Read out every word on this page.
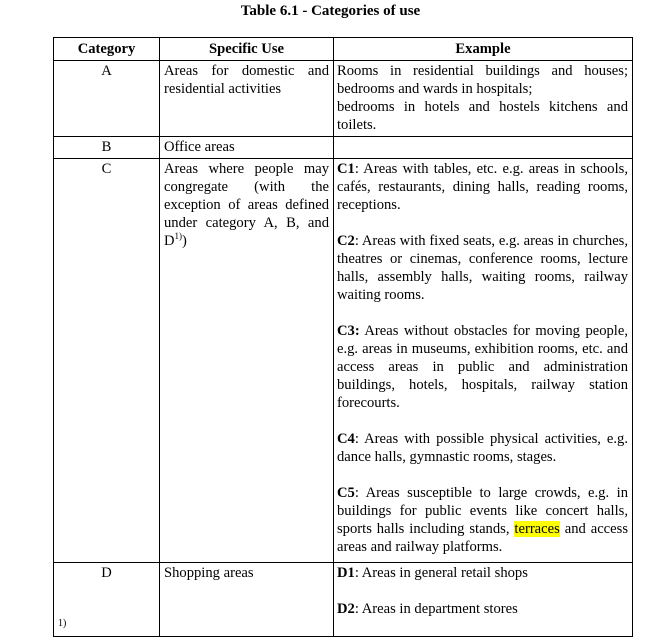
Table 6.1 - Categories of use
Category	Specific Use	Example
A	Areas for domestic and residential activities	Rooms in residential buildings and houses;
bedrooms and wards in hospitals;
bedrooms in hotels and hostels kitchens and toilets.

B	Office areas	
C	Areas where people may congregate (with the exception of areas defined under category A, B, and $D^{1)}$)	C1: Areas with tables, etc. e.g. areas in schools, cafés, restaurants, dining halls, reading rooms, receptions.
C2: Areas with fixed seats, e.g. areas in churches, theatres or cinemas, conference rooms, lecture halls, assembly halls, waiting rooms, railway waiting rooms.
C3: Areas without obstacles for moving people, e.g. areas in museums, exhibition rooms, etc. and access areas in public and administration buildings, hotels, hospitals, railway station forecourts.
C4: Areas with possible physical activities, e.g. dance halls, gymnastic rooms, stages.
C5: Areas susceptible to large crowds, e.g. in buildings for public events like concert halls, sports halls including stands, terraces and access areas and railway platforms.

D	Shopping areas	D1: Areas in general retail shops
D2: Areas in department stores
1)
